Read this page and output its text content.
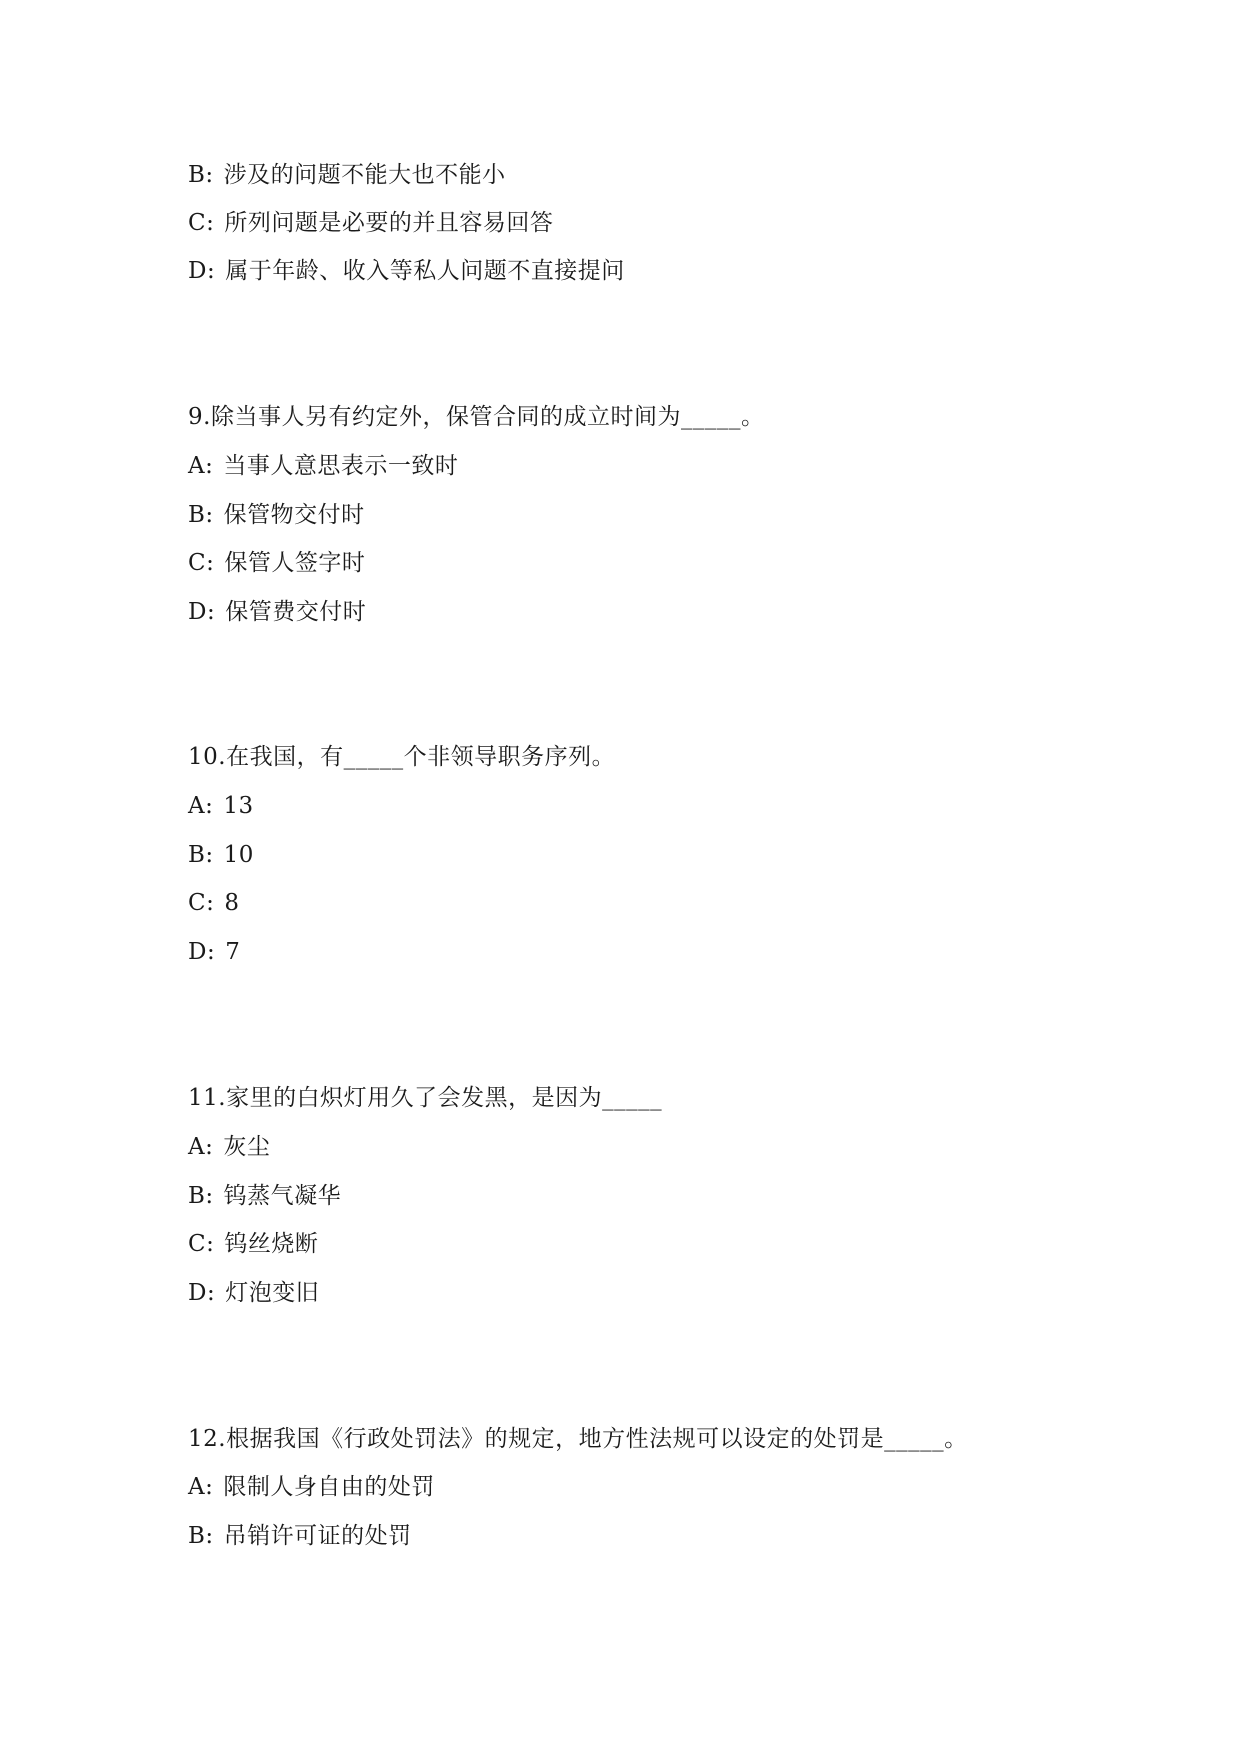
B: 涉及的问题不能大也不能小
C: 所列问题是必要的并且容易回答
D: 属于年龄、收入等私人问题不直接提问
9.除当事人另有约定外，保管合同的成立时间为_____。
A: 当事人意思表示一致时
B: 保管物交付时
C: 保管人签字时
D: 保管费交付时
10.在我国，有_____个非领导职务序列。
A: 13
B: 10
C: 8
D: 7
11.家里的白炽灯用久了会发黑，是因为_____
A: 灰尘
B: 钨蒸气凝华
C: 钨丝烧断
D: 灯泡变旧
12.根据我国《行政处罚法》的规定，地方性法规可以设定的处罚是_____。
A: 限制人身自由的处罚
B: 吊销许可证的处罚
